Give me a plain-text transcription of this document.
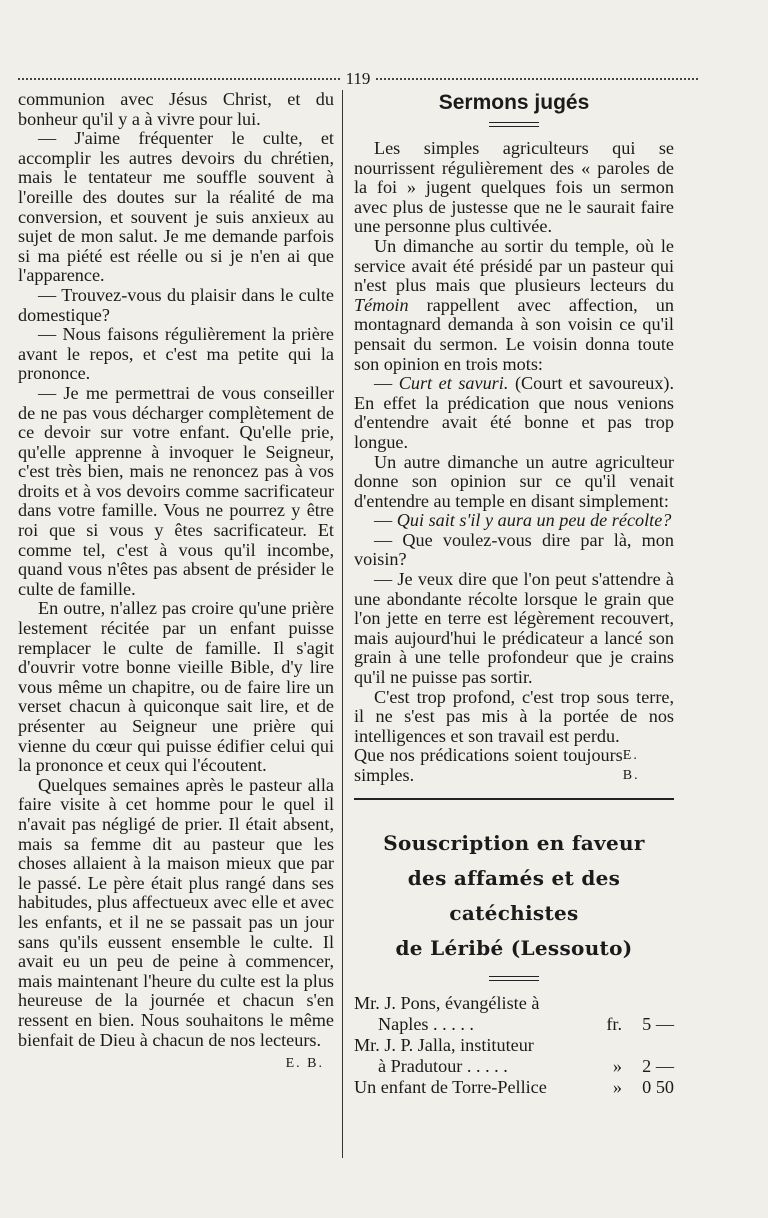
119

communion avec Jésus Christ, et du bonheur qu'il y a à vivre pour lui.

— J'aime fréquenter le culte, et accomplir les autres devoirs du chrétien, mais le tentateur me souffle souvent à l'oreille des doutes sur la réalité de ma conversion, et souvent je suis anxieux au sujet de mon salut. Je me demande parfois si ma piété est réelle ou si je n'en ai que l'apparence.

— Trouvez-vous du plaisir dans le culte domestique?

— Nous faisons régulièrement la prière avant le repos, et c'est ma petite qui la prononce.

— Je me permettrai de vous conseiller de ne pas vous décharger complètement de ce devoir sur votre enfant. Qu'elle prie, qu'elle apprenne à invoquer le Seigneur, c'est très bien, mais ne renoncez pas à vos droits et à vos devoirs comme sacrificateur dans votre famille. Vous ne pourrez y être roi que si vous y êtes sacrificateur. Et comme tel, c'est à vous qu'il incombe, quand vous n'êtes pas absent de présider le culte de famille.

En outre, n'allez pas croire qu'une prière lestement récitée par un enfant puisse remplacer le culte de famille. Il s'agit d'ouvrir votre bonne vieille Bible, d'y lire vous même un chapitre, ou de faire lire un verset chacun à quiconque sait lire, et de présenter au Seigneur une prière qui vienne du cœur qui puisse édifier celui qui la prononce et ceux qui l'écoutent.

Quelques semaines après le pasteur alla faire visite à cet homme pour le quel il n'avait pas négligé de prier. Il était absent, mais sa femme dit au pasteur que les choses allaient à la maison mieux que par le passé. Le père était plus rangé dans ses habitudes, plus affectueux avec elle et avec les enfants, et il ne se passait pas un jour sans qu'ils eussent ensemble le culte. Il avait eu un peu de peine à commencer, mais maintenant l'heure du culte est la plus heureuse de la journée et chacun s'en ressent en bien. Nous souhaitons le même bienfait de Dieu à chacun de nos lecteurs.

E. B.
Sermons jugés

Les simples agriculteurs qui se nourrissent régulièrement des « paroles de la foi » jugent quelques fois un sermon avec plus de justesse que ne le saurait faire une personne plus cultivée.

Un dimanche au sortir du temple, où le service avait été présidé par un pasteur qui n'est plus mais que plusieurs lecteurs du Témoin rappellent avec affection, un montagnard demanda à son voisin ce qu'il pensait du sermon. Le voisin donna toute son opinion en trois mots:

— Curt et savuri. (Court et savoureux). En effet la prédication que nous venions d'entendre avait été bonne et pas trop longue.

Un autre dimanche un autre agriculteur donne son opinion sur ce qu'il venait d'entendre au temple en disant simplement:

— Qui sait s'il y aura un peu de récolte?

— Que voulez-vous dire par là, mon voisin?

— Je veux dire que l'on peut s'attendre à une abondante récolte lorsque le grain que l'on jette en terre est légèrement recouvert, mais aujourd'hui le prédicateur a lancé son grain à une telle profondeur que je crains qu'il ne puisse pas sortir.

C'est trop profond, c'est trop sous terre, il ne s'est pas mis à la portée de nos intelligences et son travail est perdu.

Que nos prédications soient toujours simples.
E. B.

Souscription en faveur
des affamés et des catéchistes
de Léribé (Lessouto)
Mr. J. Pons, évangéliste à
Naples . . . . .	fr.	5 —
Mr. J. P. Jalla, instituteur
à Pradutour . . . . .	»	2 —
Un enfant de Torre-Pellice	»	0 50
